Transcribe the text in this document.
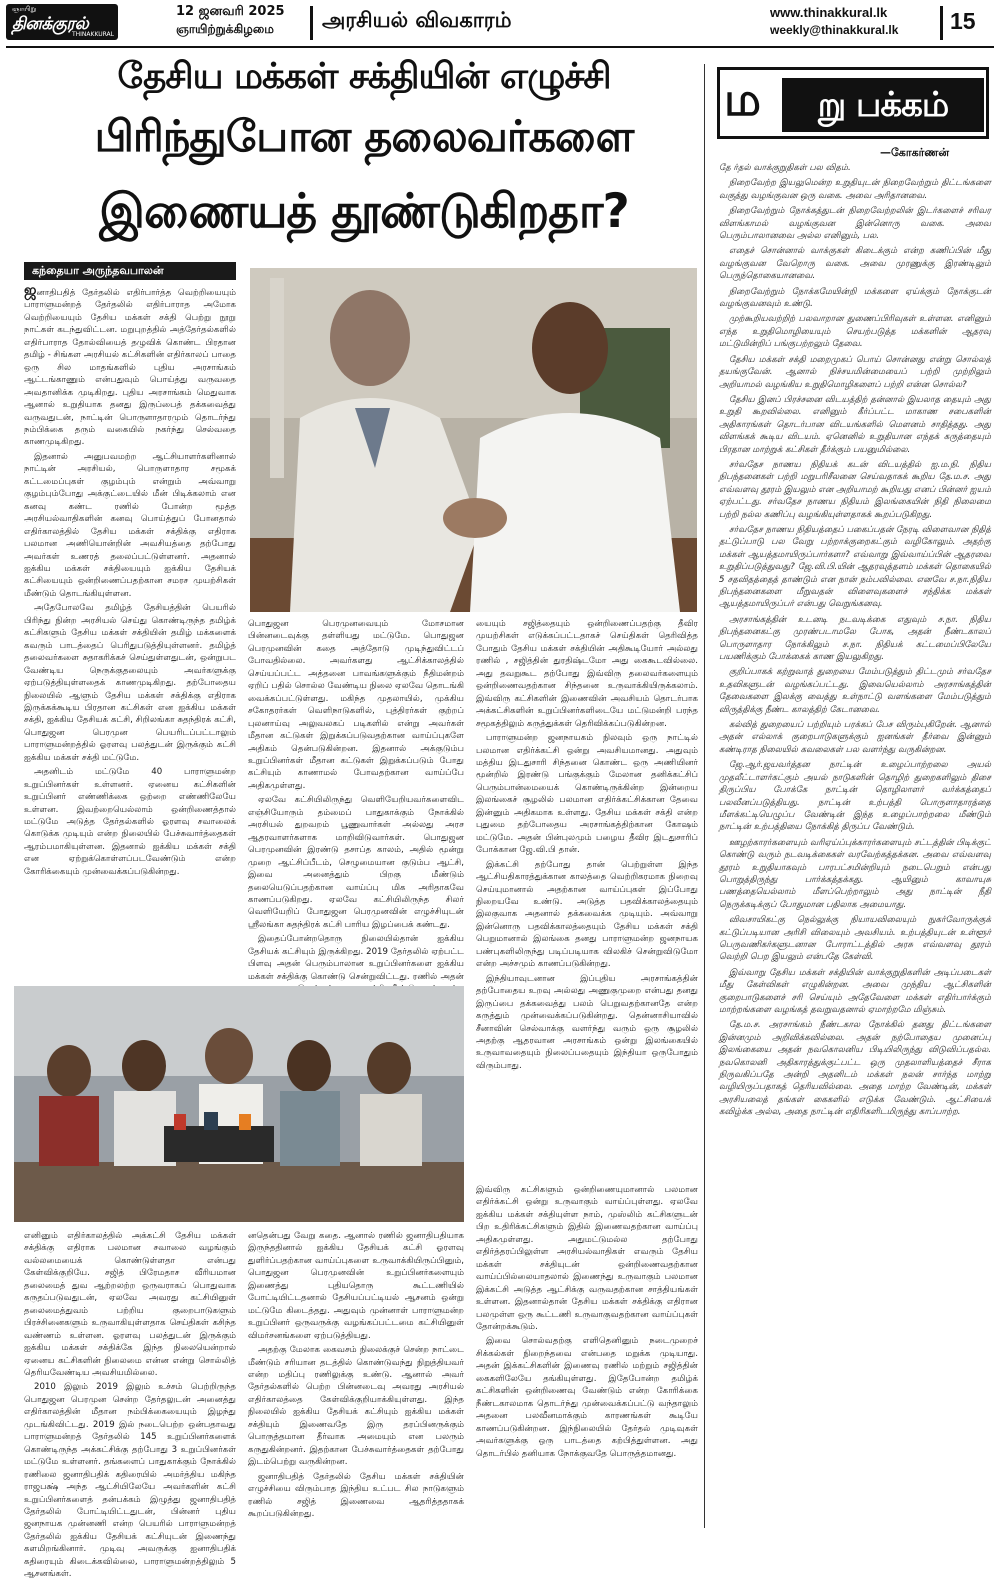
ஞாயிறு
தினக்குரல்
THINAKKURAL
12 ஜனவரி 2025
ஞாயிற்றுக்கிழமை அரசியல் விவகாரம்	www.thinakkural.lk
weekly@thinakkural.lk 15
தேசிய மக்கள் சக்தியின் எழுச்சி
பிரிந்துபோன தலைவர்களை
இணையத் தூண்டுகிறதா?
கந்தையா அருந்தவபாலன்

ஜனாதிபதித் தேர்தலில் எதிர்பார்த்த வெற்றியையும் பாராளுமன்றத் தேர்தலில் எதிர்பாராத அமோக வெற்றியையும் தேசிய மக்கள் சக்தி பெற்று நூறு நாட்கள் கடந்துவிட்டன. மறுபுறத்தில் அத்தேர்தல்களில் எதிர்பாராத தோல்வியைத் தழுவிக் கொண்ட பிரதான தமிழ் - சிங்கள அரசியல் கட்சிகளின் எதிர்காலப் பாதை ஒரு சில மாதங்களில் புதிய அரசாங்கம் ஆட்டங்காணும் என்பதுவும் பொய்த்து வருவதை அவதானிக்க முடிகிறது. புதிய அரசாங்கம் மெதுவாக ஆனால் உறுதியாக தனது இருப்பைத் தக்கவைத்து வருவதுடன், நாட்டின் பொருளாதாரமும் தொடர்ந்து நம்பிக்கை தரும் வகையில் நகர்ந்து செல்வதை காணமுடிகிறது.

இதனால் அனுபவமற்ற ஆட்சியாளர்களினால் நாட்டின் அரசியல், பொருளாதார சமூகக் கட்டமைப்புகள் குழம்பும் என்றும் அவ்வாறு குழம்பும்போது அக்குட்டையில் மீன் பிடிக்கலாம் என கனவு கண்ட ரணில் போன்ற மூத்த அரசியல்வாதிகளின் கனவு பொய்த்துப் போனதால் எதிர்காலத்தில் தேசிய மக்கள் சக்திக்கு எதிராக பலமான அணியொன்றின் அவசியத்தை தற்போது அவர்கள் உணரத் தலைப்பட்டுள்ளனர். அதனால் ஐக்கிய மக்கள் சக்தியையும் ஐக்கிய தேசியக் கட்சியையும் ஒன்றிணைப்பதற்கான சமரச முயற்சிகள் மீண்டும் தொடங்கியுள்ளன.

அதேபோலவே தமிழ்த் தேசியத்தின் பெயரில் பிரிந்து நின்ற அரசியல் செய்து கொண்டிருந்த தமிழ்க் கட்சிகளும் தேசிய மக்கள் சக்தியின் தமிழ் மக்களைக் கவரும் பாடத்தைப் பெரிதுபடுத்தியுள்ளனர். தமிழ்த் தலைவர்களை சுதாகரிக்கச் செய்துள்ளதுடன், ஒன்றுபட வேண்டிய நெருக்குதலையும் அவர்களுக்கு ஏற்படுத்தியுள்ளதைக் காணமுடிகிறது. தற்போதைய நிலையில் ஆளும் தேசிய மக்கள் சக்திக்கு எதிராக இருக்கக்கூடிய பிரதான கட்சிகள் என ஐக்கிய மக்கள் சக்தி, ஐக்கிய தேசியக் கட்சி, சிறிலங்கா சுதந்திரக் கட்சி, பொதுஜன பெரமுன பெயரிடப்பட்டாலும் பாராளுமன்றத்தில் ஓரளவு பலத்துடன் இருக்கும் கட்சி ஐக்கிய மக்கள் சக்தி மட்டுமே.

அதனிடம் மட்டுமே 40 பாராளுமன்ற உறுப்பினர்கள் உள்ளனர். ஏனைய கட்சிகளின் உறுப்பினர் எண்ணிக்கை ஒற்றை எண்ணிலேயே உள்ளன. இவற்றையெல்லாம் ஒன்றிணைத்தால் மட்டுமே அடுத்த தேர்தல்களில் ஓரளவு சவாலைக் கொடுக்க முடியும் என்ற நிலையில் பேச்சுவார்த்தைகள் ஆரம்பமாகியுள்ளன. இதனால் ஐக்கிய மக்கள் சக்தி என ஏற்றுக்கொள்ளப்படவேண்டும் என்ற கோரிக்கையும் முன்வைக்கப்படுகின்றது.

பொதுஜன பெரமுனவையும் மோசமான பின்னடைவுக்கு தள்ளியது மட்டுமே. பொதுஜன பெரமுனவின் கதை அத்தோடு முடிந்துவிட்டப் போவதில்லை. அவர்களது ஆட்சிக்காலத்தில் செய்யப்பட்ட அத்தனை பாவங்களுக்கும் நீதிமன்றம் ஏறிப் பதில் சொல்ல வேண்டிய நிலை ஏலவே தொடங்கி வைக்கப்பட்டுள்ளது. மகிந்த முதலாயில், முக்கிய சகோதரர்கள் வெளிநாடுகளில், புத்திரர்கள் குற்றப் புலனாய்வு அலுவலகப் படிகளில் என்று அவர்கள் மீதான கட்டுகள் இறுக்கப்படுவதற்கான வாய்ப்புகளே அதிகம் தென்படுகின்றன. இதனால் அக்குடும்ப உறுப்பினர்கள் மீதான கட்டுகள் இறுக்கப்படும் போது கட்சியும் காணாமல் போவதற்கான வாய்ப்பே அதிகமுள்ளது.

ஏலவே கட்சியிலிருந்து வெளியேறியவர்களைவிட எஞ்சியோரும் தம்மைப் பாதுகாக்கும் நோக்கில் அரசியல் துறவறம் பூணுவார்கள் அல்லது அரச ஆதரவாளர்களாக மாறிவிடுவார்கள். பொதுஜன பெரமுனவின் இரண்டு தசாப்த காலம், அதில் மூன்று முறை ஆட்சிப்பீடம், செழுமையான குடும்ப ஆட்சி, இவை அனைத்தும் பிறகு மீண்டும் தலையெடுப்பதற்கான வாய்ப்பு மிக அரிதாகவே காணப்படுகிறது. ஏலவே கட்சியிலிருந்த சிலர் வெளியேறிப் போதுஜன பெரமுனவின் எழுச்சியுடன் ஸ்ரீலங்கா சுதந்திரக் கட்சி பாரிய இழப்பைக் கண்டது.

இதைப்போன்றதொரு நிலையில்தான் ஐக்கிய தேசியக் கட்சியும் இருக்கிறது. 2019 தேர்தலில் ஏற்பட்ட பிளவு அதன் பெரும்பாலான உறுப்பினர்களை ஐக்கிய மக்கள் சக்திக்கு கொண்டு சென்றுவிட்டது. ரணில் அதன்

யையும் சஜித்தையும் ஒன்றிணைப்பதற்கு தீவிர முயற்சிகள் எடுக்கப்பட்டதாகச் செய்திகள் தெரிவித்த போதும் தேசிய மக்கள் சக்தியின் அதிகூடியோர் அல்லது ரணில் , சஜித்தின் துரதிஷ்டமோ அது கைகூடவில்லை. அது தவறுகூட தற்போது இவ்விரு தலைவர்களையும் ஒன்றிணைவதற்கான சிந்தனை உருவாக்கியிருக்கலாம். இவ்விரு கட்சிகளின் இணைவின் அவசியம் தொடர்பாக அக்கட்சிகளின் உறுப்பினர்களிடையே மட்டுமன்றி பரந்த சமூகத்திலும் கருத்துக்கள் தெரிவிக்கப்படுகின்றன.

பாராளுமன்ற ஜனநாயகம் நிலவும் ஒரு நாட்டில் பலமான எதிர்க்கட்சி ஒன்று அவசியமானது. அதுவும் மத்திய இடதுசாரி சிந்தனை கொண்ட ஒரு அணியினர் மூன்றில் இரண்டு பங்குக்கும் மேலான தனிக்கட்சிப் பெரும்பான்மையைக் கொண்டிருக்கின்ற இன்றைய இலங்கைச் சூழலில் பலமான எதிர்க்கட்சிக்கான தேவை இன்னும் அதிகமாக உள்ளது. தேசிய மக்கள் சக்தி என்ற புதுமை தற்போதைய அரசாங்கத்திற்கான கோஷம் மட்டுமே. அதன் பின்புலமும் பழைய தீவிர இடதுசாரிப் போக்கான ஜே.வி.பி தான்.

இக்கட்சி தற்போது தான் பெற்றுள்ள இந்த ஆட்சியதிகாரத்துக்கான காலத்தை வெற்றிகரமாக நிறைவு செய்யுமானால் அதற்கான வாய்ப்புகள் இப்போது நிறையவே உண்டு. அடுத்த பதவிக்காலத்தையும் இலகுவாக அதனால் தக்கவைக்க முடியும். அவ்வாறு இன்னொரு பதவிக்காலத்தையும் தேசிய மக்கள் சக்தி பெறுமானால் இலங்கை தனது பாராளுமன்ற ஜனநாயக பண்புகளிலிருந்து படிப்படியாக விலகிச் சென்றுவிடுமோ என்ற அச்சமும் காணப்படுகின்றது.

இந்தியாவுடனான இப்புதிய அரசாங்கத்தின் தற்போதைய உறவு அல்லது அணுகுமுறை என்பது தனது இருப்பை தக்கவைத்து பலம் பெறுவதற்கானதே என்ற கருத்தும் முன்வைக்கப்படுகின்றது. தென்னாசியாவில் சீனாவின் செல்வாக்கு வளர்ந்து வரும் ஒரு சூழலில் அதற்கு ஆதரவான அரசாங்கம் ஒன்று இலங்கையில் உருவாவதையும் நிலைப்பதையும் இந்தியா ஒருபோதும் விரும்பாது.

எனினும் எதிர்காலத்தில் அக்கட்சி தேசிய மக்கள் சக்திக்கு எதிராக பலமான சவாலை வழங்கும் வல்லமையைக் கொண்டுள்ளதா என்பது கேள்விக்குறியே. சஜித் பிரேமதாச வீரியமான தலைமைத் துவ ஆற்றலற்ற ஒருவராகப் பொதுவாக கருதப்படுவதுடன், ஏலவே அவரது கட்சியினுள் தலைமைத்துவம் பற்றிய குறைபாடுகளும் பிரச்சினைகளும் உருவாகியுள்ளதாக செய்திகள் கசிந்த வண்ணம் உள்ளன. ஓரளவு பலத்துடன் இருக்கும் ஐக்கிய மக்கள் சக்திக்கே இந்த நிலையென்றால் ஏனைய கட்சிகளின் நிலைமை என்ன என்று சொல்லித் தெரியவேண்டிய அவசியமில்லை.

2010 இலும் 2019 இலும் உச்சம் பெற்றிருந்த பொதுஜன பெரமுன சென்ற தேர்தலுடன் அனைத்து எதிர்காலத்தின் மீதான நம்பிக்கையையும் இழந்து முடங்கிவிட்டது. 2019 இல் நடைபெற்ற ஒன்பதாவது பாராளுமன்றத் தேர்தலில் 145 உறுப்பினர்களைக் கொண்டிருந்த அக்கட்சிக்கு தற்போது 3 உறுப்பினர்கள் மட்டுமே உள்ளனர். தங்களைப் பாதுகாக்கும் நோக்கில் ரணிலை ஜனாதிபதிக் கதிரையில் அமர்த்திய மகிந்த ராஜபக்ஷ் அந்த ஆட்சியிலேயே அவர்களின் கட்சி உறுப்பினர்களைத் தன்பக்கம் இழுத்து ஜனாதிபதித் தேர்தலில் போட்டியிட்டதுடன், பின்னர் புதிய ஜனநாயக முன்னணி என்ற பெயரில் பாராளுமன்றத் தேர்தலில் ஐக்கிய தேசியக் கட்சியுடன் இணைந்து களமிறங்கினார். முடிவு அவருக்கு ஐனாதிபதிக் கதிரையும் கிடைக்கவில்லை, பாராளுமன்றத்திலும் 5 ஆசனங்கள்.

னதென்பது வேறு கதை. ஆனால் ரணில் ஜனாதிபதியாக இருந்ததினால் ஐக்கிய தேசியக் கட்சி ஓரளவு துளிர்ப்பதற்கான வாய்ப்புகளை உருவாக்கியிருப்பினும், பொதுஜன பெரமுனவின் உறுப்பினர்களையும் இணைத்து புதியதொரு கூட்டணியில் போட்டியிட்டதனால் தேசியப்பட்டியல் ஆசனம் ஒன்று மட்டுமே கிடைத்தது. அதுவும் முன்னாள் பாராளுமன்ற உறுப்பினர் ஒருவருக்கு வழங்கப்பட்டமை கட்சியினுள் விமர்சனங்களை ஏற்படுத்தியது.

அதற்கு மேலாக கைவசம் நிலைக்குச் சென்ற நாட்டை மீண்டும் சரியான தடத்தில் கொண்டுவந்து நிறுத்தியவர் என்ற மதிப்பு ரணிலுக்கு உண்டு. ஆனால் அவர் தேர்தல்களில் பெற்ற பின்னடைவு அவரது அரசியல் எதிர்காலத்தை கேள்விக்குறியாக்கியுள்ளது. இந்த நிலையில் ஐக்கிய தேசியக் கட்சியும் ஐக்கிய மக்கள் சக்தியும் இணைவதே இரு தரப்பினருக்கும் பொருத்தமான தீர்வாக அமையும் என பலரும் கருதுகின்றனர். இதற்கான பேச்சுவார்த்தைகள் தற்போது இடம்பெற்று வருகின்றன.

ஜனாதிபதித் தேர்தலில் தேசிய மக்கள் சக்தியின் எழுச்சியை விரும்பாத இந்திய உட்பட சில நாடுகளும் ரணில் சஜித் இணைவை ஆதரித்ததாகக் கூறப்படுகின்றது.

இவ்விரு கட்சிகளும் ஒன்றிணையுமானால் பலமான எதிர்க்கட்சி ஒன்று உருவாகும் வாய்ப்புள்ளது. ஏலவே ஐக்கிய மக்கள் சக்தியுள்ள நாம், முஸ்லிம் கட்சிகளுடன் பிற உதிரிக்கட்சிகளும் இதில் இணைவதற்கான வாய்ப்பு அதிகமுள்ளது. அதுமட்டுமல்ல தற்போது எதிர்த்தரப்பிலுள்ள அரசியல்வாதிகள் எவரும் தேசிய மக்கள் சக்தியுடன் ஒன்றிணைவதற்கான வாய்ப்பில்லையாதலால் இணைந்து உருவாகும் பலமான இக்கட்சி அடுத்த ஆட்சிக்கு வருவதற்கான சாத்தியங்கள் உள்ளன. இதனால்தான் தேசிய மக்கள் சக்திக்கு எதிரான பலமுள்ள ஒரு கூட்டணி உருவாகுவதற்கான வாய்ப்புகள் தோன்றக்கூடும்.

இவை சொல்வதற்கு எளிதெனினும் நடைமுறைச் சிக்கல்கள் நிறைந்தவை என்பதை மறுக்க முடியாது. அதன் இக்கட்சிகளின் இணைவு ரணில் மற்றும் சஜித்தின் கைகளிலேயே தங்கியுள்ளது. இதேபோன்ற தமிழ்க் கட்சிகளின் ஒன்றிணைவு வேண்டும் என்ற கோரிக்கை நீண்டகாலமாக தொடர்ந்து முன்வைக்கப்பட்டு வந்தாலும் அதனை பலவீனமாக்கும் காரணங்கள் கூடியே காணப்படுகின்றன. இந்நிலையில் தேர்தல் முடிவுகள் அவர்களுக்கு ஒரு பாடத்தை கற்பித்துள்ளன. அது தொடர்பில் தனியாக நோக்குவதே பொருத்தமானது.

ம	று பக்கம்
—கோகர்ணன்

தே ர்தல் வாக்குறுதிகள் பல விதம்.

நிறைவேற்ற இயலுமென்ற உறுதியுடன் நிறைவேற்றும் திட்டங்களை வகுத்து வழங்குவன ஒரு வகை. அவை அரிதானவை.

நிறைவேற்றும் நோக்கத்துடன் நிறைவேற்றலின் இடர்களைச் சரிவர விளங்காமல் வழங்குவன இன்னொரு வகை. அவை பெரும்பாலானவை அல்ல எனினும், பல.

எதைச் சொன்னால் வாக்குகள் கிடைக்கும் என்ற கணிப்பின் மீது வழங்குவன வேறொரு வகை. அவை முரணுக்கு இரண்டிலும் பெருந்தொகையானவை.

நிறைவேற்றும் நோக்கமேயின்றி மக்களை ஏய்க்கும் நோக்குடன் வழங்குவனவும் உண்டு.

முற்கூறியவற்றிற் பலவாறான துணைப்பிரிவுகள் உள்ளன. எனினும் எந்த உறுதிமொழியையும் செயற்படுத்த மக்களின் ஆதரவு மட்டுமின்றிப் பங்குபற்றலும் தேவை.

தேசிய மக்கள் சக்தி மறைமுகப் பொய் சொன்னது என்று சொல்லத் தயங்குவேன். ஆனால் நிச்சயமின்மையைப் பற்றி முற்றிலும் அறியாமல் வழங்கிய உறுதிமொழிகளைப் பற்றி என்ன சொல்ல?

தேசிய இனப் பிரச்சனை விடயத்திற் தன்னால் இயலாத தையும் அது உறுதி கூறவில்லை. எனினும் கீர்ப்பட்ட மாகாண சபைகளின் அதிகாரங்கள் தொடர்பான விடயங்களில் மௌனம் சாதித்தது. அது விளங்கக் கூடிய விடயம். ஏனெனில் உறுதியான எந்தக் கருத்தையும் பிரதான மாற்றுக் கட்சிகள் தீர்க்கும் பயனுமில்லை.

சர்வதேச நாணய நிதியக் கடன் விடயத்தில் ஐ.ம.நி. நிதிய நிபந்தனைகள் பற்றி மறுபரிசீலனை செய்வதாகக் கூறிய தே.ம.ச. அது எவ்வளவு தூரம் இயலும் என அறியாமற் கூறியது எனப் பின்னர் ஐயம் ஏற்பட்டது. சர்வதேச நாணய நிதியம் இலங்கையின் நிதி நிலைமை பற்றி நல்ல கணிப்பு வழங்கியுள்ளதாகக் கூறப்படுகிறது.

சர்வதேச நாணய நிதியத்தைப் பகைப்பதன் நேரடி விளைவான நிதித் தட்டுப்பாடு பல வேறு பற்றாக்குறைகட்கும் வழிகோலும். அதற்கு மக்கள் ஆயத்தமாயிருப்பார்களா? எவ்வாறு இவ்வாய்ப்பின் ஆதரவை உறுதிப்படுத்துவது? ஜே.வி.பி.யின் ஆதரவுத்தளம் மக்கள் தொகையில் 5 சதவிதத்தைத் தாண்டும் என நான் நம்பவில்லை. எனவே ச.நா.நிதிய நிபந்தனைகளை மீறுவதன் விளைவுகளைச் சந்திக்க மக்கள் ஆயத்தமாயிருப்பர் என்பது வெறுங்கனவு.

அரசாங்கத்தின் உடனடி நடவடிக்கை எதுவும் ச.நா. நிதிய நிபந்தனைகட்கு முரண்படாமலே போக, அதன் நீண்டகாலப் பொருளாதார நோக்கிலும் ச.நா. நிதியக் கட்டமைப்பிலேயே பயணிக்கும் போக்கைக் காண இயலுகிறது.

குறிப்பாகக் கற்றுவாத் துறையை மேம்படுத்தும் திட்டமும் சர்வதேச உதவிகளுடன் வழங்கப்பட்டது. இவையெல்லாம் அரசாங்கத்தின் தேவைகளை இலக்கு வைத்து உள்நாட்டு வளங்களை மேம்படுத்தும் விருத்திக்கு நீண்ட காலத்திற் கேடானவை.

கல்வித் துறையைப் பற்றியும் பரக்கப் பேச விரும்புகிறேன். ஆனால் அதன் எல்லாக் குறைபாடுகளுக்கும் ஐனங்கள் தீர்வை இன்னும் கண்டிராத நிலையில் கவலைகள் பல வளர்ந்து வருகின்றன.

ஜே.ஆர்.ஜயவர்த்தன நாட்டின் உழைப்பாற்றலை அயல் முதலீட்டாளர்கட்கும் அயல் நாடுகளின் தொழிற் துறைகளிலும் திசை திருப்பிய போக்கே நாட்டின் தொழிலாளர் வர்க்கத்தைப் பலவீனப்படுத்தியது. நாட்டின் உற்பத்தி பொருளாதாரத்தை மீளக்கட்டியெழுப்ப வேண்டின் இந்த உழைப்பாற்றலை மீண்டும் நாட்டின் உற்பத்தியை நோக்கித் திருப்ப வேண்டும்.

ஊழற்காரர்களையும் வரிஏய்ப்புக்காரர்களையும் சட்டத்தின் பிடிக்குட் கொண்டு வரும் நடவடிக்கைகள் வரவேற்கத்தக்கன. அவை எவ்வளவு தூரம் உறுதியாகவும் பாரபட்சமின்றியும் நடைபெறும் என்பது பொறுத்திருந்து பார்க்கத்தக்கது. ஆயினும் காவாயுசு பணத்தையெல்லாம் மீளப்பெற்றாலும் அது நாட்டின் நீதி நெருக்கடிக்குப் போதுமான பதிலாக அமையாது.

விவசாயிகட்கு நெல்லுக்கு நியாயவிலையும் நுகர்வோருக்குக் கட்டுப்படியான அரிசி விலையும் அவசியம். உற்பத்தியுடன் உள்ளூர் பெருவணிகர்களுடனான போராட்டத்தில் அரசு எவ்வளவு தூரம் வெற்றி பெற இயலும் என்பதே கேள்வி.

இவ்வாறு தேசிய மக்கள் சக்தியின் வாக்குறுதிகளின் அடிப்படைகள் மீது கேள்விகள் எழுகின்றன. அவை முந்திய ஆட்சிகளின் குறைபாடுகளைச் சரி செய்யும் அதேவேளை மக்கள் எதிர்பார்க்கும் மாற்றங்களை வழங்கத் தவறுவதனால் ஏமாற்றமே மிஞ்சும்.

தே.ம.ச. அரசாங்கம் நீண்டகால நோக்கில் தனது திட்டங்களை இன்னமும் அறிவிக்கவில்லை. அதன் நற்போதைய முனைப்பு இலங்கையை அதன் நவகொலனிய பிடியிலிருந்து விடுவிப்பதல்ல. நவகொலனி அதிகாரத்துக்குட்பட்ட ஒரு முதலாளியத்தைச் சீராக நிருவகிப்பதே அன்றி அதனிடம் மக்கள் நலன் சார்ந்த மாற்று வழியிருப்பதாகத் தெரியவில்லை. அதை மாற்ற வேண்டின், மக்கள் அரசியலைத் தங்கள் கைகளில் எடுக்க வேண்டும். ஆட்சியைக் கவிழ்க்க அல்ல, அதை நாட்டின் எதிரிகளிடமிருந்து காப்பாற்ற.
